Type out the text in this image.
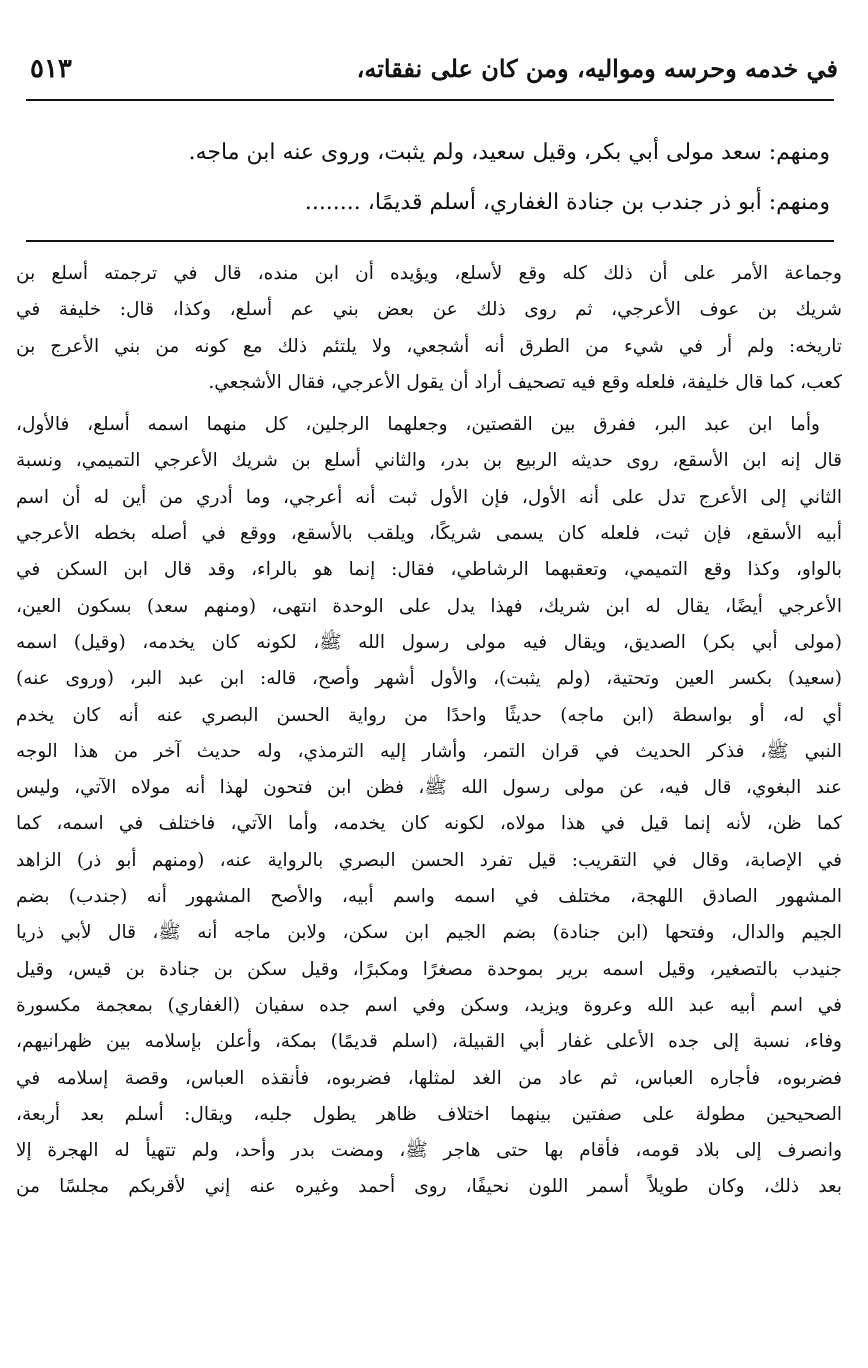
في خدمه وحرسه ومواليه، ومن كان على نفقاته،
٥١٣
ومنهم: سعد مولى أبي بكر، وقيل سعيد، ولم يثبت، وروى عنه ابن ماجه.
ومنهم: أبو ذر جندب بن جنادة الغفاري، أسلم قديمًا، ........
وجماعة الأمر على أن ذلك كله وقع لأسلع، ويؤيده أن ابن منده، قال في ترجمته أسلع بن
شريك بن عوف الأعرجي، ثم روى ذلك عن بعض بني عم أسلع، وكذا، قال: خليفة في
تاريخه: ولم أر في شيء من الطرق أنه أشجعي، ولا يلتئم ذلك مع كونه من بني الأعرج بن
كعب، كما قال خليفة، فلعله وقع فيه تصحيف أراد أن يقول الأعرجي، فقال الأشجعي.
وأما ابن عبد البر، ففرق بين القصتين، وجعلهما الرجلين، كل منهما اسمه أسلع، فالأول،
قال إنه ابن الأسقع، روى حديثه الربيع بن بدر، والثاني أسلع بن شريك الأعرجي التميمي، ونسبة
الثاني إلى الأعرج تدل على أنه الأول، فإن الأول ثبت أنه أعرجي، وما أدري من أين له أن اسم
أبيه الأسقع، فإن ثبت، فلعله كان يسمى شريكًا، ويلقب بالأسقع، ووقع في أصله بخطه الأعرجي
بالواو، وكذا وقع التميمي، وتعقبهما الرشاطي، فقال: إنما هو بالراء، وقد قال ابن السكن في
الأعرجي أيضًا، يقال له ابن شريك، فهذا يدل على الوحدة انتهى، (ومنهم سعد) بسكون العين،
(مولى أبي بكر) الصديق، ويقال فيه مولى رسول الله ﷺ، لكونه كان يخدمه، (وقيل) اسمه
(سعيد) بكسر العين وتحتية، (ولم يثبت)، والأول أشهر وأصح، قاله: ابن عبد البر، (وروى عنه)
أي له، أو بواسطة (ابن ماجه) حديثًا واحدًا من رواية الحسن البصري عنه أنه كان يخدم
النبي ﷺ، فذكر الحديث في قران التمر، وأشار إليه الترمذي، وله حديث آخر من هذا الوجه
عند البغوي، قال فيه، عن مولى رسول الله ﷺ، فظن ابن فتحون لهذا أنه مولاه الآتي، وليس
كما ظن، لأنه إنما قيل في هذا مولاه، لكونه كان يخدمه، وأما الآتي، فاختلف في اسمه، كما
في الإصابة، وقال في التقريب: قيل تفرد الحسن البصري بالرواية عنه، (ومنهم أبو ذر) الزاهد
المشهور الصادق اللهجة، مختلف في اسمه واسم أبيه، والأصح المشهور أنه (جندب) بضم
الجيم والدال، وفتحها (ابن جنادة) بضم الجيم ابن سكن، ولابن ماجه أنه ﷺ، قال لأبي ذريا
جنيدب بالتصغير، وقيل اسمه برير بموحدة مصغرًا ومكبرًا، وقيل سكن بن جنادة بن قيس، وقيل
في اسم أبيه عبد الله وعروة ويزيد، وسكن وفي اسم جده سفيان (الغفاري) بمعجمة مكسورة
وفاء، نسبة إلى جده الأعلى غفار أبي القبيلة، (اسلم قديمًا) بمكة، وأعلن بإسلامه بين ظهرانيهم،
فضربوه، فأجاره العباس، ثم عاد من الغد لمثلها، فضربوه، فأنقذه العباس، وقصة إسلامه في
الصحيحين مطولة على صفتين بينهما اختلاف ظاهر يطول جلبه، ويقال: أسلم بعد أربعة،
وانصرف إلى بلاد قومه، فأقام بها حتى هاجر ﷺ، ومضت بدر وأحد، ولم تتهيأ له الهجرة إلا
بعد ذلك، وكان طويلاً أسمر اللون نحيفًا، روى أحمد وغيره عنه إني لأقربكم مجلسًا من
